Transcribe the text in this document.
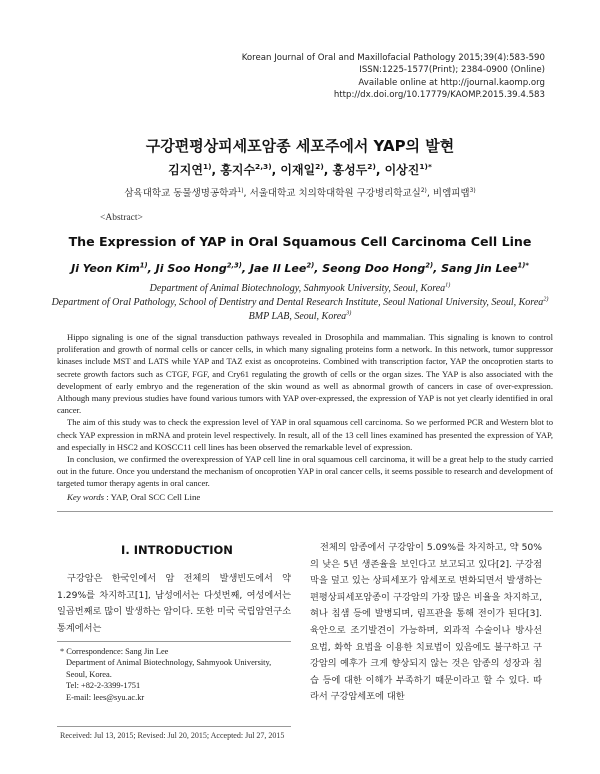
Korean Journal of Oral and Maxillofacial Pathology 2015;39(4):583-590
ISSN:1225-1577(Print); 2384-0900 (Online)
Available online at http://journal.kaomp.org
http://dx.doi.org/10.17779/KAOMP.2015.39.4.583
구강편평상피세포암종 세포주에서 YAP의 발현
김지연$^{1)}$, 홍지수$^{2,3)}$, 이재일$^{2)}$, 홍성두$^{2)}$, 이상진$^{1)*}$
삼육대학교 동물생명공학과$^{1)}$, 서울대학교 치의학대학원 구강병리학교실$^{2)}$, 비엠피랩$^{3)}$
<Abstract>
The Expression of YAP in Oral Squamous Cell Carcinoma Cell Line
Ji Yeon Kim$^{1)}$, Ji Soo Hong$^{2,3)}$, Jae Il Lee$^{2)}$, Seong Doo Hong$^{2)}$, Sang Jin Lee$^{1)*}$
Department of Animal Biotechnology, Sahmyook University, Seoul, Korea$^{1)}$
Department of Oral Pathology, School of Dentistry and Dental Research Institute, Seoul National University, Seoul, Korea$^{2)}$
BMP LAB, Seoul, Korea$^{3)}$

Hippo signaling is one of the signal transduction pathways revealed in Drosophila and mammalian. This signaling is known to control proliferation and growth of normal cells or cancer cells, in which many signaling proteins form a network. In this network, tumor suppressor kinases include MST and LATS while YAP and TAZ exist as oncoproteins. Combined with transcription factor, YAP the oncoprotien starts to secrete growth factors such as CTGF, FGF, and Cry61 regulating the growth of cells or the organ sizes. The YAP is also associated with the development of early embryo and the regeneration of the skin wound as well as abnormal growth of cancers in case of over-expression. Although many previous studies have found various tumors with YAP over-expressed, the expression of YAP is not yet clearly identified in oral cancer.

The aim of this study was to check the expression level of YAP in oral squamous cell carcinoma. So we performed PCR and Western blot to check YAP expression in mRNA and protein level respectively. In result, all of the 13 cell lines examined has presented the expression of YAP, and especially in HSC2 and KOSCC11 cell lines has been observed the remarkable level of expression.

In conclusion, we confirmed the overexpression of YAP cell line in oral squamous cell carcinoma, it will be a great help to the study carried out in the future. Once you understand the mechanism of oncoprotien YAP in oral cancer cells, it seems possible to research and development of targeted tumor therapy agents in oral cancer.

Key words : YAP, Oral SCC Cell Line
Ⅰ. INTRODUCTION

구강암은 한국인에서 암 전체의 발생빈도에서 약 1.29%를 차지하고[1], 남성에서는 다섯번째, 여성에서는 일곱번째로 많이 발생하는 암이다. 또한 미국 국립암연구소 통계에서는

전체의 암종에서 구강암이 5.09%를 차지하고, 약 50%의 낮은 5년 생존율을 보인다고 보고되고 있다[2]. 구강점막을 덮고 있는 상피세포가 암세포로 변화되면서 발생하는 편평상피세포암종이 구강암의 가장 많은 비율을 차지하고, 혀나 침샘 등에 발병되며, 림프관을 통해 전이가 된다[3]. 육안으로 조기발견이 가능하며, 외과적 수술이나 방사선 요법, 화학 요법을 이용한 치료법이 있음에도 불구하고 구강암의 예후가 크게 향상되지 않는 것은 암종의 성장과 침습 등에 대한 이해가 부족하기 때문이라고 할 수 있다. 따라서 구강암세포에 대한

* Correspondence: Sang Jin Lee
Department of Animal Biotechnology, Sahmyook University, Seoul, Korea.
Tel: +82-2-3399-1751
E-mail: lees@syu.ac.kr
Received: Jul 13, 2015; Revised: Jul 20, 2015; Accepted: Jul 27, 2015
